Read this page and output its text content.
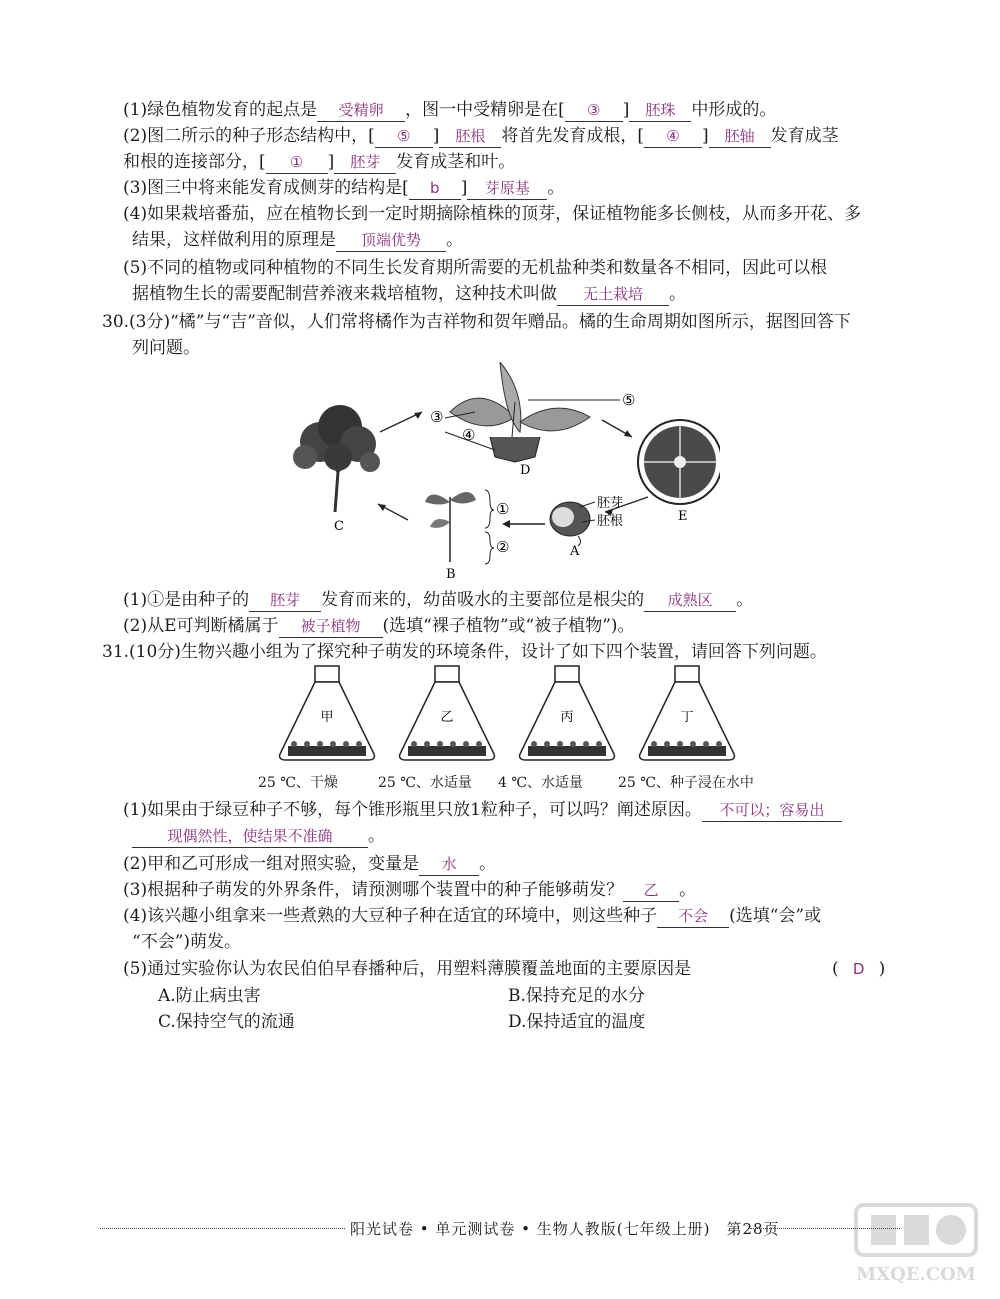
(1)绿色植物发育的起点是 受精卵 ，图一中受精卵是在[ ③ ] 胚珠 中形成的。
(2)图二所示的种子形态结构中，[ ⑤ ] 胚根 将首先发育成根，[ ④ ] 胚轴 发育成茎
和根的连接部分，[ ① ] 胚芽 发育成茎和叶。
(3)图三中将来能发育成侧芽的结构是[ b ] 芽原基 。
(4)如果栽培番茄，应在植物长到一定时期摘除植株的顶芽，保证植物能多长侧枝，从而多开花、多
结果，这样做利用的原理是 顶端优势 。
(5)不同的植物或同种植物的不同生长发育期所需要的无机盐种类和数量各不相同，因此可以根
据植物生长的需要配制营养液来栽培植物，这种技术叫做 无土栽培 。
30.(3分)“橘”与“吉”音似，人们常将橘作为吉祥物和贺年赠品。橘的生命周期如图所示，据图回答下
列问题。
C
③
④
⑤
D
E
胚芽
胚根
A
①
②
B
(1)①是由种子的 胚芽 发育而来的，幼苗吸水的主要部位是根尖的 成熟区 。
(2)从E可判断橘属于 被子植物 (选填“裸子植物”或“被子植物”)。
31.(10分)生物兴趣小组为了探究种子萌发的环境条件，设计了如下四个装置，请回答下列问题。
甲
25 ℃、干燥
乙
25 ℃、水适量
丙
4 ℃、水适量
丁
25 ℃、种子浸在水中
(1)如果由于绿豆种子不够，每个锥形瓶里只放1粒种子，可以吗？阐述原因。 不可以；容易出
现偶然性，使结果不准确 。
(2)甲和乙可形成一组对照实验，变量是 水 。
(3)根据种子萌发的外界条件，请预测哪个装置中的种子能够萌发？ 乙 。
(4)该兴趣小组拿来一些煮熟的大豆种子种在适宜的环境中，则这些种子 不会 (选填“会”或
“不会”)萌发。
(5)通过实验你认为农民伯伯早春播种后，用塑料薄膜覆盖地面的主要原因是	( D )
A.防止病虫害	B.保持充足的水分
C.保持空气的流通	D.保持适宜的温度
阳光试卷 • 单元测试卷 • 生物人教版(七年级上册)　第28页
MXQE.COM
